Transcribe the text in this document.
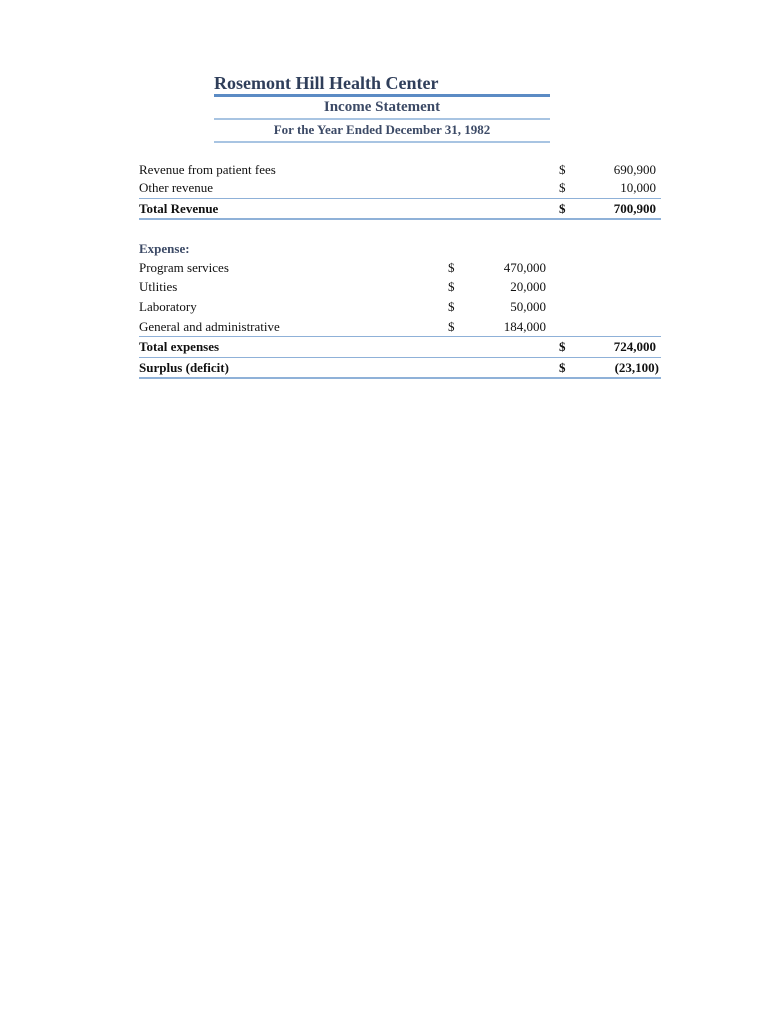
Rosemont Hill Health Center
Income Statement
For the Year Ended December 31, 1982
Revenue from patient fees	$	690,900
Other revenue	$	10,000
Total Revenue	$	700,900
Expense:
Program services	$	470,000
Utlities	$	20,000
Laboratory	$	50,000
General and administrative	$	184,000
Total expenses	$	724,000
Surplus (deficit)	$	(23,100)
